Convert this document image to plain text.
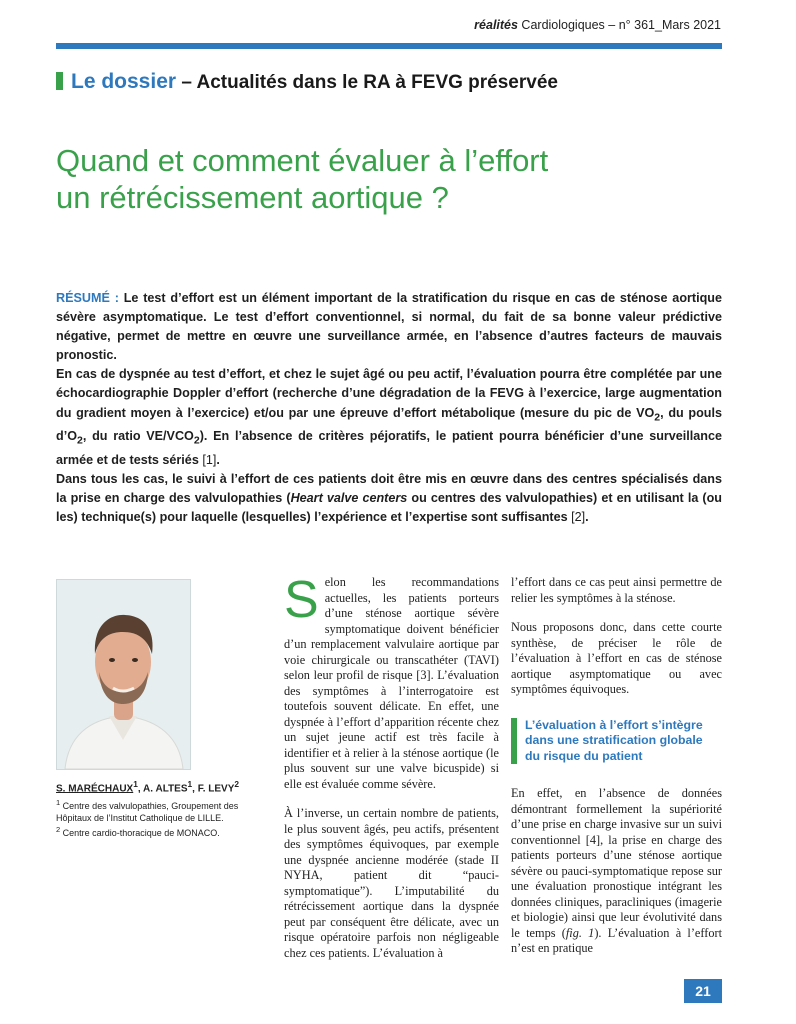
réalités Cardiologiques – n° 361_Mars 2021
Le dossier – Actualités dans le RA à FEVG préservée
Quand et comment évaluer à l’effort
un rétrécissement aortique ?

RÉSUMÉ : Le test d’effort est un élément important de la stratification du risque en cas de sténose aortique sévère asymptomatique. Le test d’effort conventionnel, si normal, du fait de sa bonne valeur prédictive négative, permet de mettre en œuvre une surveillance armée, en l’absence d’autres facteurs de mauvais pronostic.

En cas de dyspnée au test d’effort, et chez le sujet âgé ou peu actif, l’évaluation pourra être complétée par une échocardiographie Doppler d’effort (recherche d’une dégradation de la FEVG à l’exercice, large augmentation du gradient moyen à l’exercice) et/ou par une épreuve d’effort métabolique (mesure du pic de $VO_2$, du pouls $d’O_2$, du ratio $VE/VCO_2$). En l’absence de critères péjoratifs, le patient pourra bénéficier d’une surveillance armée et de tests sériés [1].

Dans tous les cas, le suivi à l’effort de ces patients doit être mis en œuvre dans des centres spécialisés dans la prise en charge des valvulopathies (Heart valve centers ou centres des valvulopathies) et en utilisant la (ou les) technique(s) pour laquelle (lesquelles) l’expérience et l’expertise sont suffisantes [2].

S. MARÉCHAUX$^1$, A. ALTES$^1$, F. LEVY$^2$
$^1$ Centre des valvulopathies, Groupement des Hôpitaux de l’Institut Catholique de LILLE.
$^2$ Centre cardio-thoracique de MONACO.

Selon les recommandations actuelles, les patients porteurs d’une sténose aortique sévère symptomatique doivent bénéficier d’un remplacement valvulaire aortique par voie chirurgicale ou transcathéter (TAVI) selon leur profil de risque [3]. L’évaluation des symptômes à l’interrogatoire est toutefois souvent délicate. En effet, une dyspnée à l’effort d’apparition récente chez un sujet jeune actif est très facile à identifier et à relier à la sténose aortique (le plus souvent sur une valve bicuspide) si elle est évaluée comme sévère.

À l’inverse, un certain nombre de patients, le plus souvent âgés, peu actifs, présentent des symptômes équivoques, par exemple une dyspnée ancienne modérée (stade II NYHA, patient dit “pauci-symptomatique”). L’imputabilité du rétrécissement aortique dans la dyspnée peut par conséquent être délicate, avec un risque opératoire parfois non négligeable chez ces patients. L’évaluation à

l’effort dans ce cas peut ainsi permettre de relier les symptômes à la sténose.

Nous proposons donc, dans cette courte synthèse, de préciser le rôle de l’évaluation à l’effort en cas de sténose aortique asymptomatique ou avec symptômes équivoques.

L’évaluation à l’effort s’intègre
dans une stratification globale
du risque du patient

En effet, en l’absence de données démontrant formellement la supériorité d’une prise en charge invasive sur un suivi conventionnel [4], la prise en charge des patients porteurs d’une sténose aortique sévère ou pauci-symptomatique repose sur une évaluation pronostique intégrant les données cliniques, paracliniques (imagerie et biologie) ainsi que leur évolutivité dans le temps (fig. 1). L’évaluation à l’effort n’est en pratique

21
